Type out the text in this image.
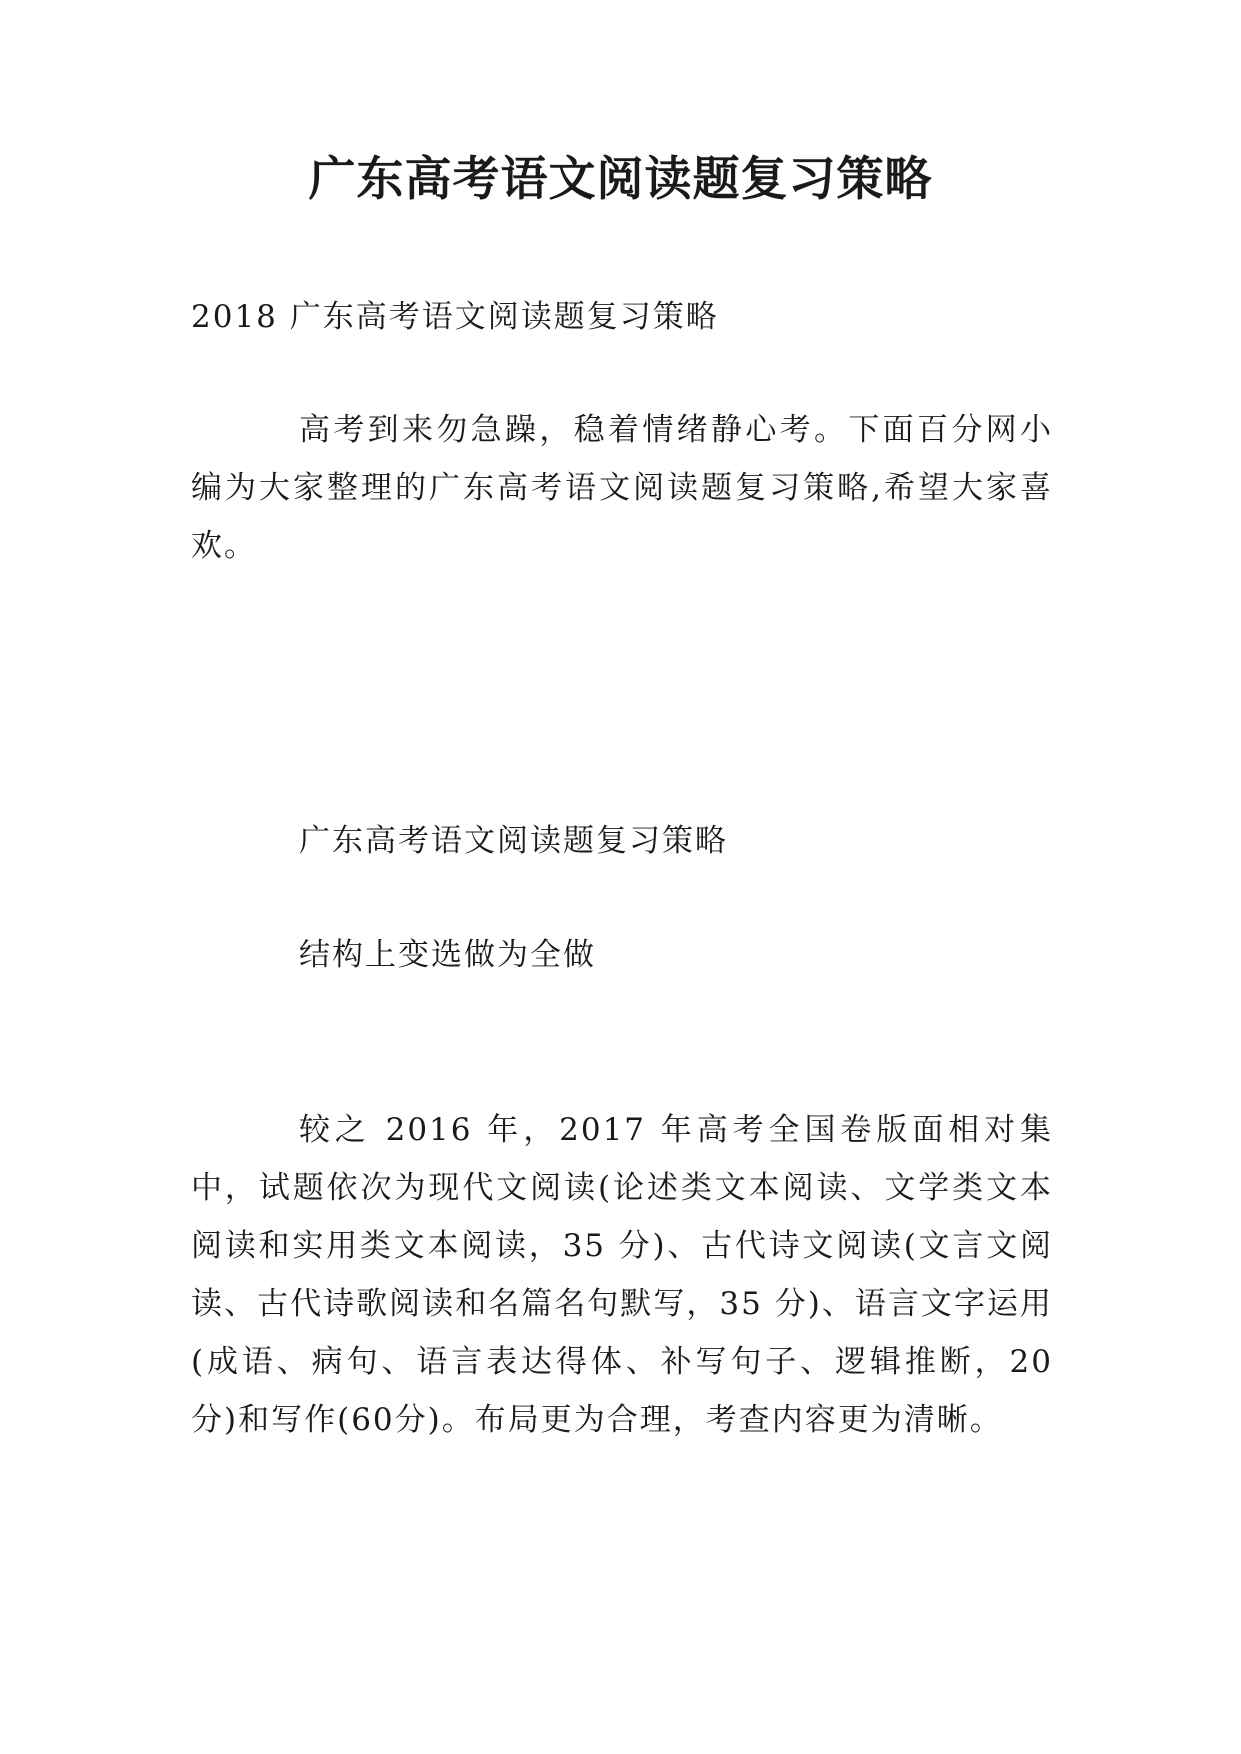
广东高考语文阅读题复习策略

2018 广东高考语文阅读题复习策略

高考到来勿急躁，稳着情绪静心考。下面百分网小编为大家整理的广东高考语文阅读题复习策略,希望大家喜欢。

广东高考语文阅读题复习策略

结构上变选做为全做

较之 2016 年，2017 年高考全国卷版面相对集中，试题依次为现代文阅读(论述类文本阅读、文学类文本阅读和实用类文本阅读，35 分)、古代诗文阅读(文言文阅读、古代诗歌阅读和名篇名句默写，35 分)、语言文字运用(成语、病句、语言表达得体、补写句子、逻辑推断，20 分)和写作(60分)。布局更为合理，考查内容更为清晰。
